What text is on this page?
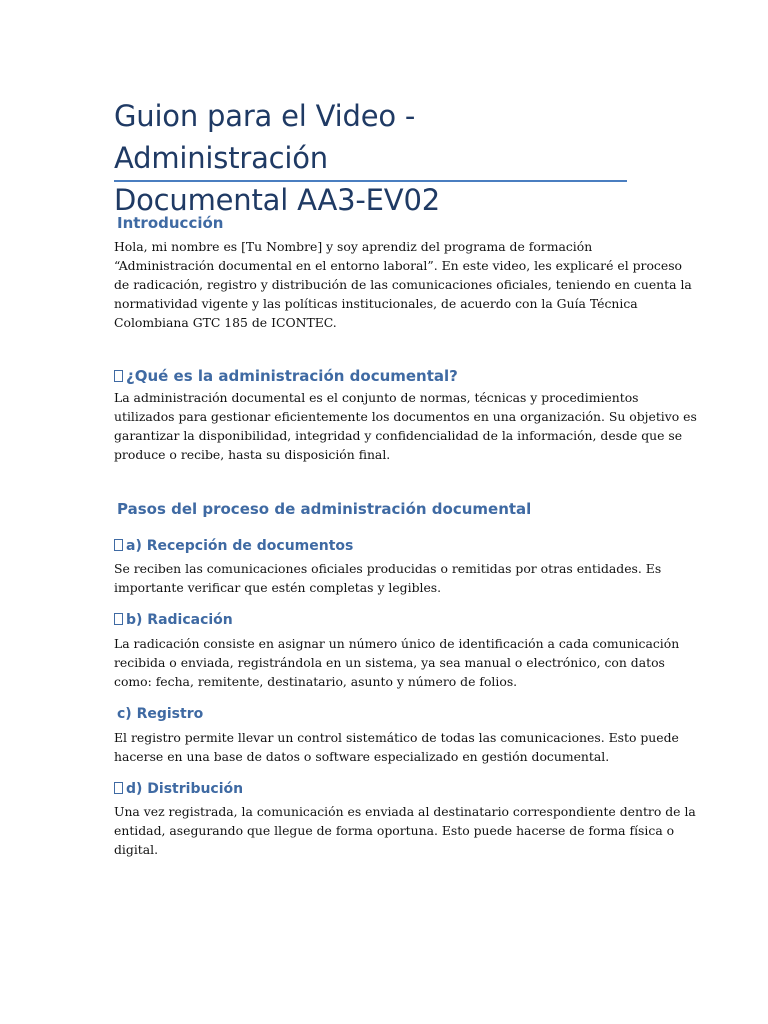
Guion para el Video - Administración
Documental AA3-EV02
Introducción

Hola, mi nombre es [Tu Nombre] y soy aprendiz del programa de formación
“Administración documental en el entorno laboral”. En este video, les explicaré el proceso
de radicación, registro y distribución de las comunicaciones oficiales, teniendo en cuenta la
normatividad vigente y las políticas institucionales, de acuerdo con la Guía Técnica
Colombiana GTC 185 de ICONTEC.

¿Qué es la administración documental?

La administración documental es el conjunto de normas, técnicas y procedimientos
utilizados para gestionar eficientemente los documentos en una organización. Su objetivo es
garantizar la disponibilidad, integridad y confidencialidad de la información, desde que se
produce o recibe, hasta su disposición final.

Pasos del proceso de administración documental
a) Recepción de documentos

Se reciben las comunicaciones oficiales producidas o remitidas por otras entidades. Es
importante verificar que estén completas y legibles.

b) Radicación

La radicación consiste en asignar un número único de identificación a cada comunicación
recibida o enviada, registrándola en un sistema, ya sea manual o electrónico, con datos
como: fecha, remitente, destinatario, asunto y número de folios.

c) Registro

El registro permite llevar un control sistemático de todas las comunicaciones. Esto puede
hacerse en una base de datos o software especializado en gestión documental.

d) Distribución

Una vez registrada, la comunicación es enviada al destinatario correspondiente dentro de la
entidad, asegurando que llegue de forma oportuna. Esto puede hacerse de forma física o
digital.
